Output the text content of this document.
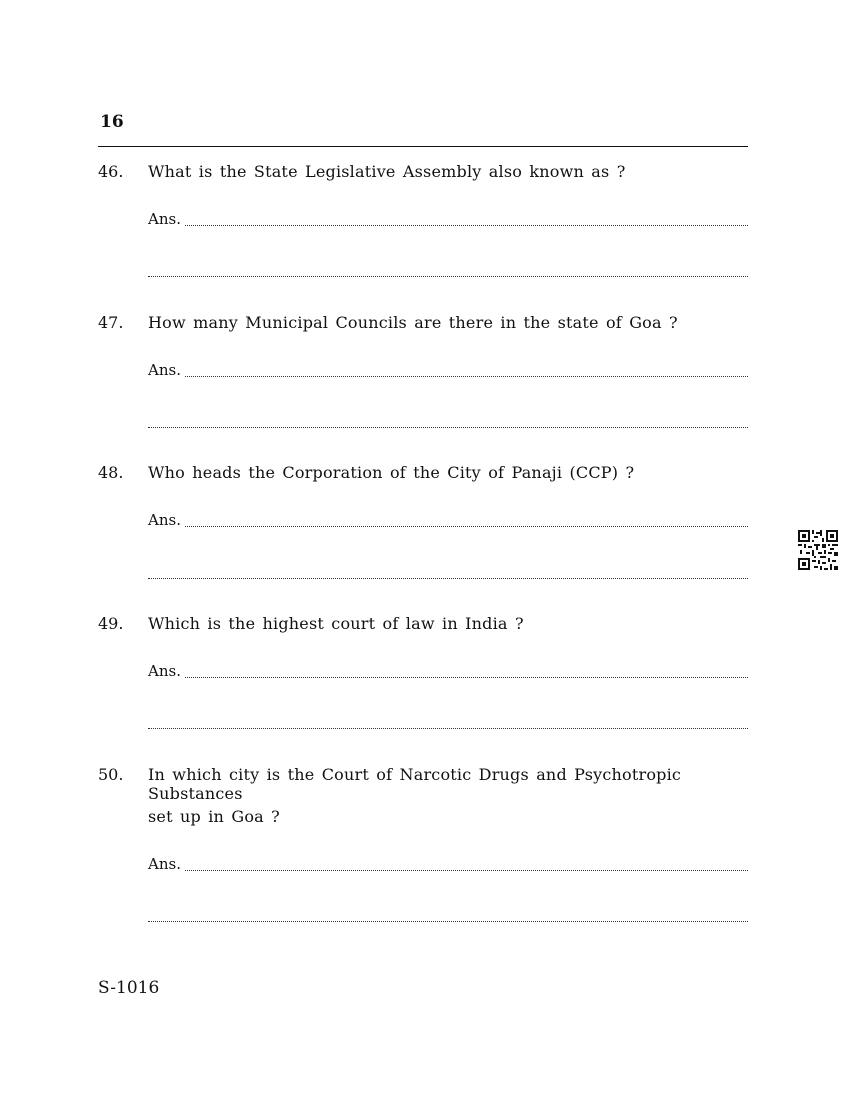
16
46. What is the State Legislative Assembly also known as ?
Ans.
47. How many Municipal Councils are there in the state of Goa ?
Ans.
48. Who heads the Corporation of the City of Panaji (CCP) ?
Ans.
49. Which is the highest court of law in India ?
Ans.
50. In which city is the Court of Narcotic Drugs and Psychotropic Substances
set up in Goa ?
Ans.
S-1016
